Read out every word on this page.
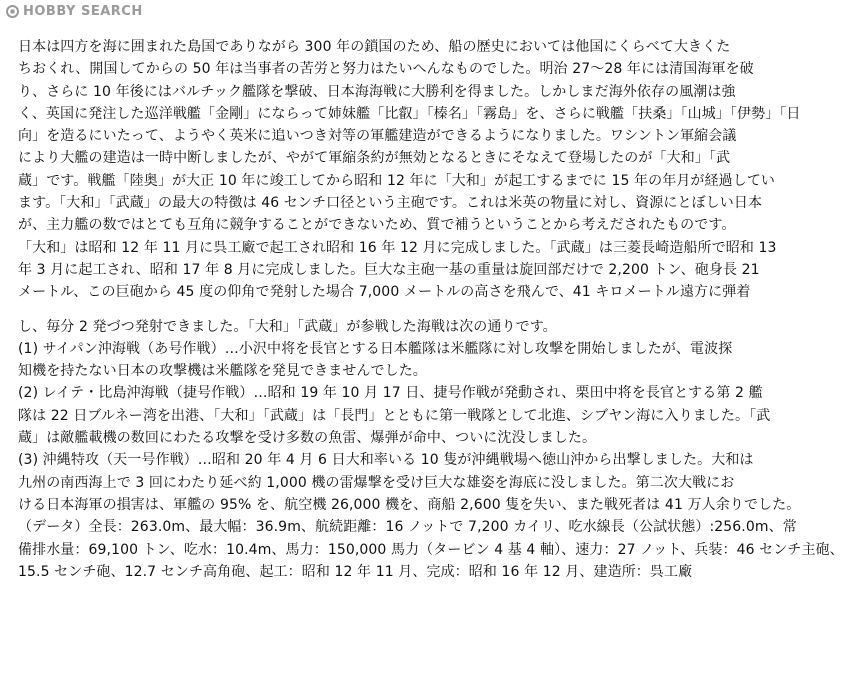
HOBBY SEARCH
日本は四方を海に囲まれた島国でありながら 300 年の鎖国のため、船の歴史においては他国にくらべて大きくた
ちおくれ、開国してからの 50 年は当事者の苦労と努力はたいへんなものでした。明治 27～28 年には清国海軍を破
り、さらに 10 年後にはバルチック艦隊を撃破、日本海海戦に大勝利を得ました。しかしまだ海外依存の風潮は強
く、英国に発注した巡洋戦艦「金剛」にならって姉妹艦「比叡」「榛名」「霧島」を、さらに戦艦「扶桑」「山城」「伊勢」「日
向」を造るにいたって、ようやく英米に追いつき対等の軍艦建造ができるようになりました。ワシントン軍縮会議
により大艦の建造は一時中断しましたが、やがて軍縮条約が無効となるときにそなえて登場したのが「大和」「武
蔵」です。戦艦「陸奥」が大正 10 年に竣工してから昭和 12 年に「大和」が起工するまでに 15 年の年月が経過してい
ます。「大和」「武蔵」の最大の特徴は 46 センチ口径という主砲です。これは米英の物量に対し、資源にとぼしい日本
が、主力艦の数ではとても互角に競争することができないため、質で補うということから考えだされたものです。
「大和」は昭和 12 年 11 月に呉工廠で起工され昭和 16 年 12 月に完成しました。「武蔵」は三菱長崎造船所で昭和 13
年 3 月に起工され、昭和 17 年 8 月に完成しました。巨大な主砲一基の重量は旋回部だけで 2,200 トン、砲身長 21
メートル、この巨砲から 45 度の仰角で発射した場合 7,000 メートルの高さを飛んで、41 キロメートル遠方に弾着
し、毎分 2 発づつ発射できました。「大和」「武蔵」が参戦した海戦は次の通りです。
(1) サイパン沖海戦（あ号作戦）…小沢中将を長官とする日本艦隊は米艦隊に対し攻撃を開始しましたが、電波探
知機を持たない日本の攻撃機は米艦隊を発見できませんでした。
(2) レイテ・比島沖海戦（捷号作戦）…昭和 19 年 10 月 17 日、捷号作戦が発動され、栗田中将を長官とする第 2 艦
隊は 22 日ブルネー湾を出港、「大和」「武蔵」は「長門」とともに第一戦隊として北進、シブヤン海に入りました。「武
蔵」は敵艦載機の数回にわたる攻撃を受け多数の魚雷、爆弾が命中、ついに沈没しました。
(3) 沖縄特攻（天一号作戦）…昭和 20 年 4 月 6 日大和率いる 10 隻が沖縄戦場へ徳山沖から出撃しました。大和は
九州の南西海上で 3 回にわたり延べ約 1,000 機の雷爆撃を受け巨大な雄姿を海底に没しました。第二次大戦にお
ける日本海軍の損害は、軍艦の 95% を、航空機 26,000 機を、商船 2,600 隻を失い、また戦死者は 41 万人余りでした。
（データ）全長：263.0m、最大幅：36.9m、航続距離：16 ノットで 7,200 カイリ、吃水線長（公試状態）:256.0m、常
備排水量：69,100 トン、吃水：10.4m、馬力：150,000 馬力（タービン 4 基 4 軸）、速力：27 ノット、兵装：46 センチ主砲、
15.5 センチ砲、12.7 センチ高角砲、起工：昭和 12 年 11 月、完成：昭和 16 年 12 月、建造所：呉工廠
